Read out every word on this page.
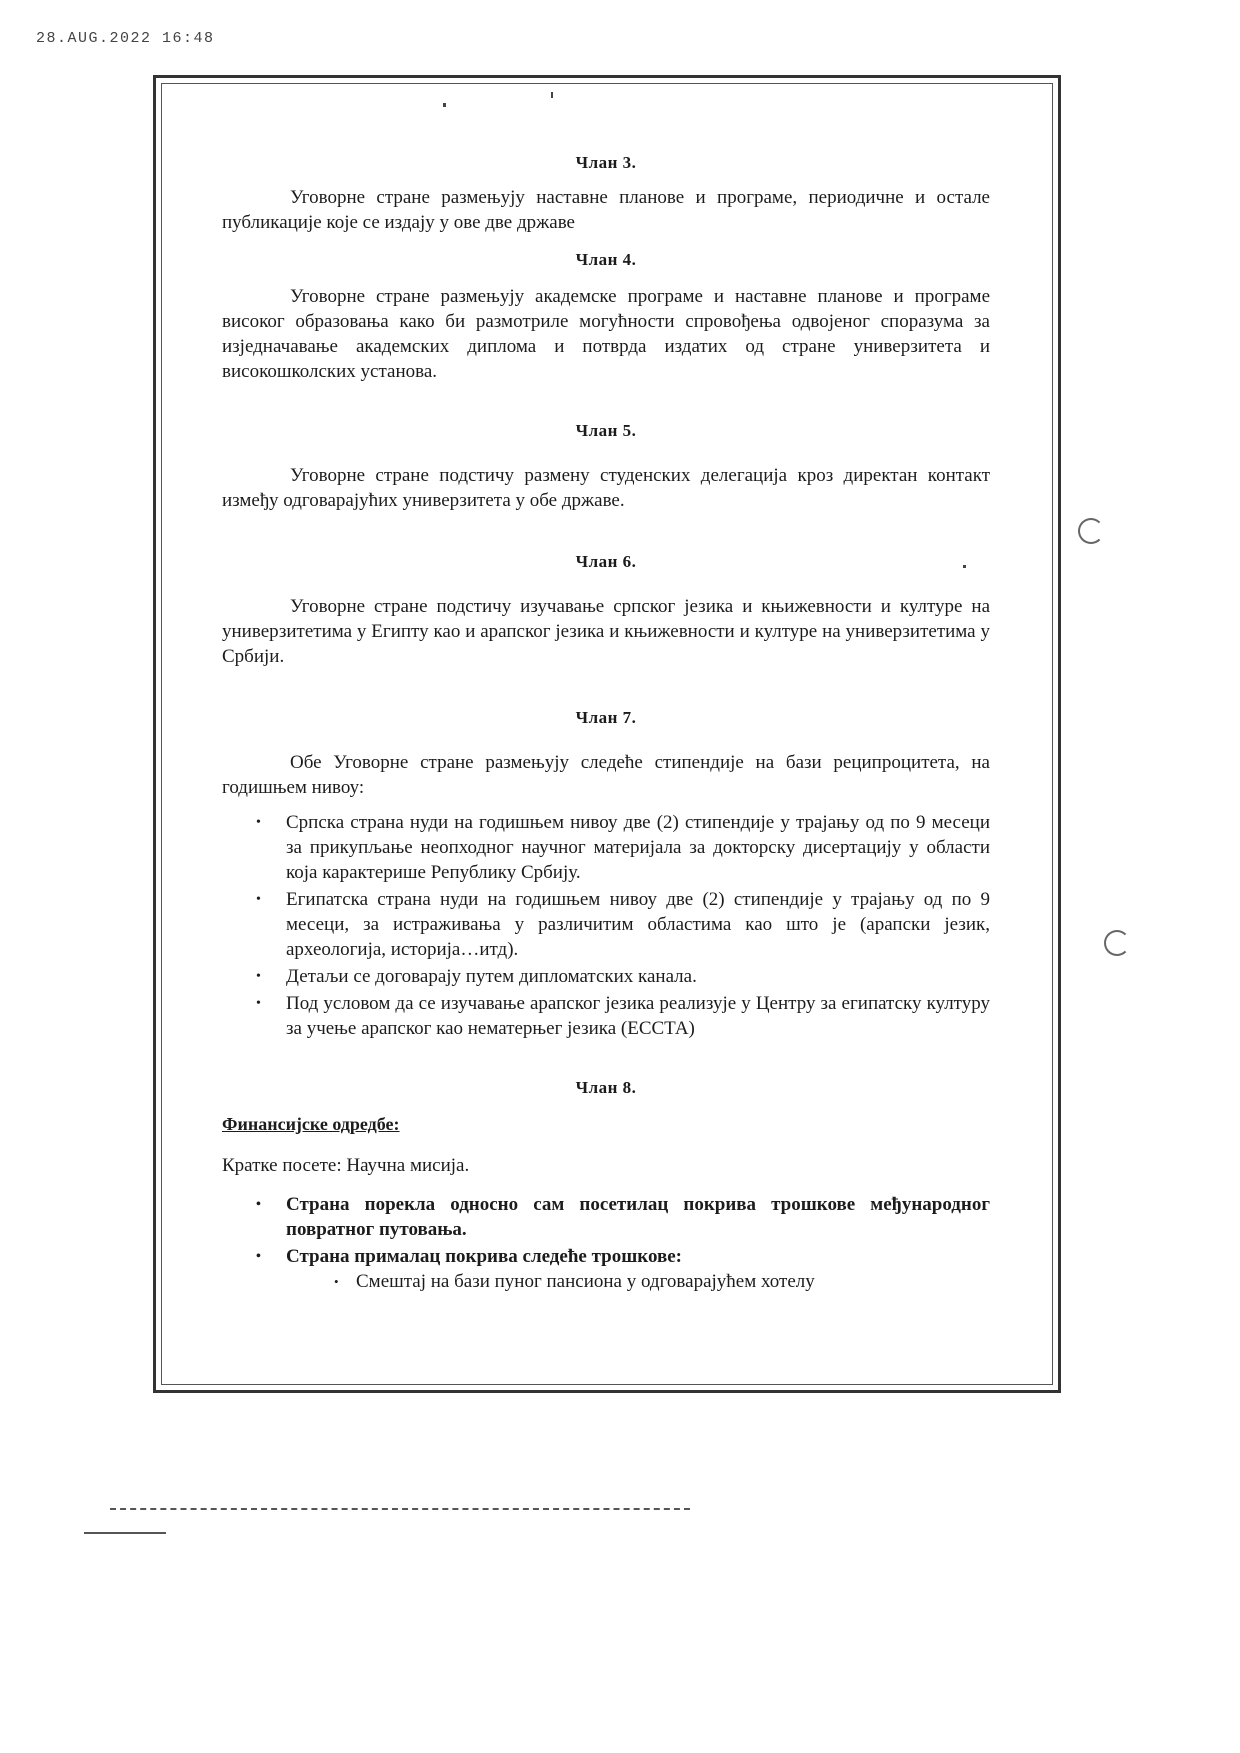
28.AUG.2022 16:48
Члан 3.
Уговорне стране размењују наставне планове и програме, периодичне и остале публикације које се издају у ове две државе
Члан 4.
Уговорне стране размењују академске програме и наставне планове и програме високог образовања како би размотриле могућности спровођења одвојеног споразума за изједначавање академских диплома и потврда издатих од стране универзитета и високошколских установа.
Члан 5.
Уговорне стране подстичу размену студенских делегација кроз директан контакт између одговарајућих универзитета у обе државе.
Члан 6.
Уговорне стране подстичу изучавање српског језика и књижевности и културе на универзитетима у Египту као и арапског језика и књижевности и културе на универзитетима у Србији.
Члан 7.
Обе Уговорне стране размењују следеће стипендије на бази реципроцитета, на годишњем нивоу:
• Српска страна нуди на годишњем нивоу две (2) стипендије у трајању од по 9 месеци за прикупљање неопходног научног материјала за докторску дисертацију у области која карактерише Републику Србију.
• Египатска страна нуди на годишњем нивоу две (2) стипендије у трајању од по 9 месеци, за истраживања у различитим областима као што је (арапски језик, археологија, историја…итд).
• Детаљи се договарају путем дипломатских канала.
• Под условом да се изучавање арапског језика реализује у Центру за египатску културу за учење арапског као нематерњег језика (ЕССТА)
Члан 8.
Финансијске одредбе:
Кратке посете: Научна мисија.
• Страна порекла односно сам посетилац покрива трошкове међународног повратног путовања.
• Страна прималац покрива следеће трошкове:
• Смештај на бази пуног пансиона у одговарајућем хотелу
